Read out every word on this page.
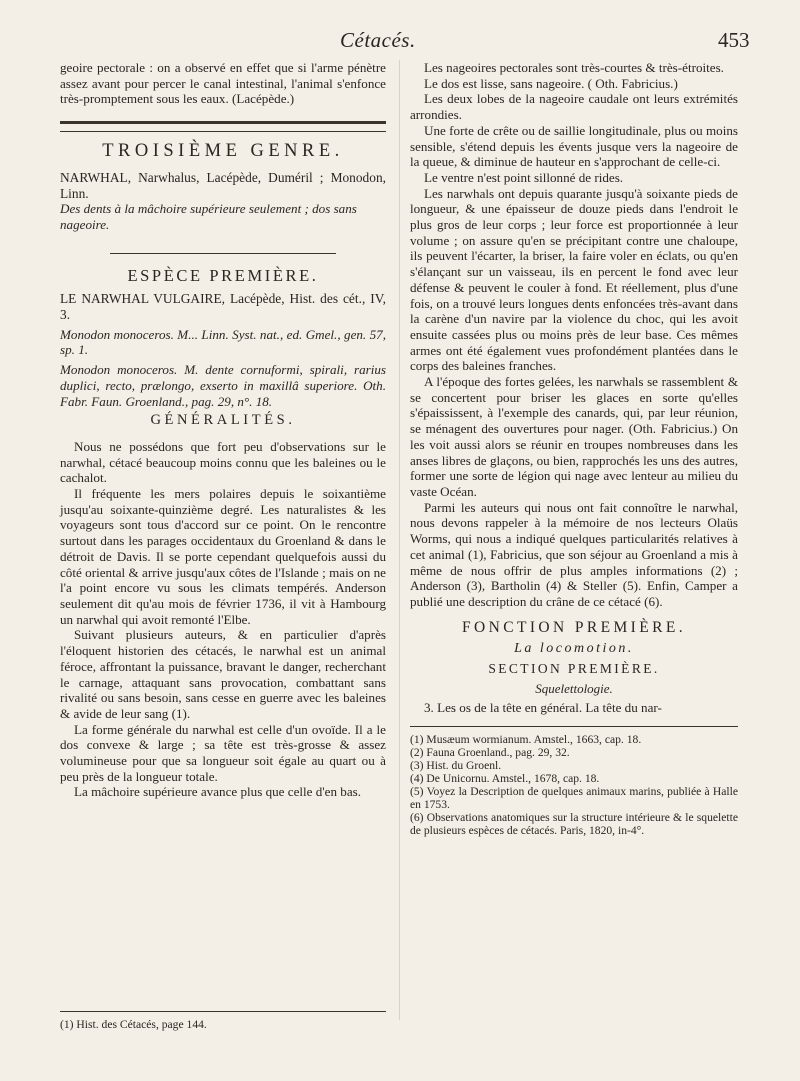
Cétacés.	453

geoire pectorale : on a observé en effet que si l'arme pénètre assez avant pour percer le canal intestinal, l'animal s'enfonce très-promptement sous les eaux. (Lacépède.)

TROISIÈME GENRE.

NARWHAL, Narwhalus, Lacépède, Duméril ; Monodon, Linn.

Des dents à la mâchoire supérieure seulement ; dos sans nageoire.

ESPÈCE PREMIÈRE.

LE NARWHAL VULGAIRE, Lacépède, Hist. des cét., IV, 3.

Monodon monoceros. M... Linn. Syst. nat., ed. Gmel., gen. 57, sp. 1.

Monodon monoceros. M. dente cornuformi, spirali, rarius duplici, recto, prælongo, exserto in maxillâ superiore. Oth. Fabr. Faun. Groenland., pag. 29, n°. 18.

GÉNÉRALITÉS.

Nous ne possédons que fort peu d'observations sur le narwhal, cétacé beaucoup moins connu que les baleines ou le cachalot.

Il fréquente les mers polaires depuis le soixantième jusqu'au soixante-quinzième degré. Les naturalistes & les voyageurs sont tous d'accord sur ce point. On le rencontre surtout dans les parages occidentaux du Groenland & dans le détroit de Davis. Il se porte cependant quelquefois aussi du côté oriental & arrive jusqu'aux côtes de l'Islande ; mais on ne l'a point encore vu sous les climats tempérés. Anderson seulement dit qu'au mois de février 1736, il vit à Hambourg un narwhal qui avoit remonté l'Elbe.

Suivant plusieurs auteurs, & en particulier d'après l'éloquent historien des cétacés, le narwhal est un animal féroce, affrontant la puissance, bravant le danger, recherchant le carnage, attaquant sans provocation, combattant sans rivalité ou sans besoin, sans cesse en guerre avec les baleines & avide de leur sang (1).

La forme générale du narwhal est celle d'un ovoïde. Il a le dos convexe & large ; sa tête est très-grosse & assez volumineuse pour que sa longueur soit égale au quart ou à peu près de la longueur totale.

La mâchoire supérieure avance plus que celle d'en bas.

(1) Hist. des Cétacés, page 144.

Les nageoires pectorales sont très-courtes & très-étroites.

Le dos est lisse, sans nageoire. ( Oth. Fabricius.)

Les deux lobes de la nageoire caudale ont leurs extrémités arrondies.

Une forte de crête ou de saillie longitudinale, plus ou moins sensible, s'étend depuis les évents jusque vers la nageoire de la queue, & diminue de hauteur en s'approchant de celle-ci.

Le ventre n'est point sillonné de rides.

Les narwhals ont depuis quarante jusqu'à soixante pieds de longueur, & une épaisseur de douze pieds dans l'endroit le plus gros de leur corps ; leur force est proportionnée à leur volume ; on assure qu'en se précipitant contre une chaloupe, ils peuvent l'écarter, la briser, la faire voler en éclats, ou qu'en s'élançant sur un vaisseau, ils en percent le fond avec leur défense & peuvent le couler à fond. Et réellement, plus d'une fois, on a trouvé leurs longues dents enfoncées très-avant dans la carène d'un navire par la violence du choc, qui les avoit ensuite cassées plus ou moins près de leur base. Ces mêmes armes ont été également vues profondément plantées dans le corps des baleines franches.

A l'époque des fortes gelées, les narwhals se rassemblent & se concertent pour briser les glaces en sorte qu'elles s'épaississent, à l'exemple des canards, qui, par leur réunion, se ménagent des ouvertures pour nager. (Oth. Fabricius.) On les voit aussi alors se réunir en troupes nombreuses dans les anses libres de glaçons, ou bien, rapprochés les uns des autres, former une sorte de légion qui nage avec lenteur au milieu du vaste Océan.

Parmi les auteurs qui nous ont fait connoître le narwhal, nous devons rappeler à la mémoire de nos lecteurs Olaüs Worms, qui nous a indiqué quelques particularités relatives à cet animal (1), Fabricius, que son séjour au Groenland a mis à même de nous offrir de plus amples informations (2) ; Anderson (3), Bartholin (4) & Steller (5). Enfin, Camper a publié une description du crâne de ce cétacé (6).

FONCTION PREMIÈRE.
La locomotion.
SECTION PREMIÈRE.
Squelettologie.

3. Les os de la tête en général. La tête du nar-

(1) Musæum wormianum. Amstel., 1663, cap. 18.

(2) Fauna Groenland., pag. 29, 32.

(3) Hist. du Groenl.

(4) De Unicornu. Amstel., 1678, cap. 18.

(5) Voyez la Description de quelques animaux marins, publiée à Halle en 1753.

(6) Observations anatomiques sur la structure intérieure & le squelette de plusieurs espèces de cétacés. Paris, 1820, in-4°.
